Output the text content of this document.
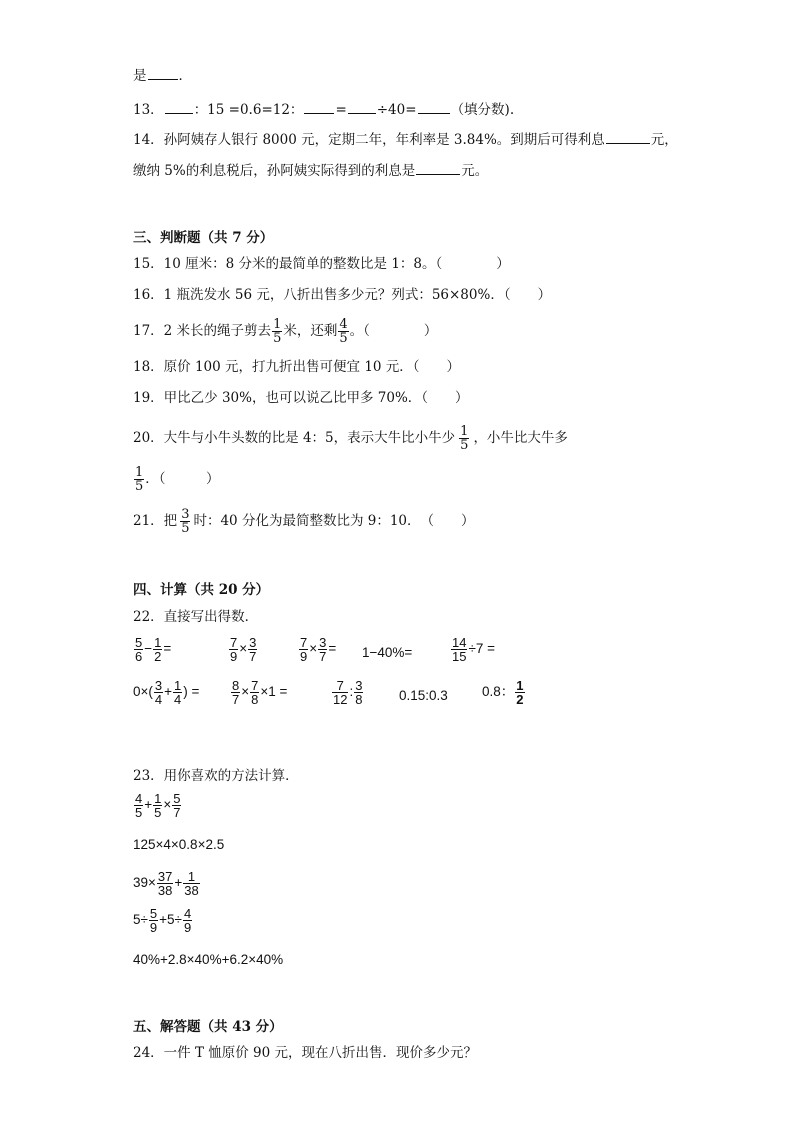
是 ．
13． ：15 =0.6=12： = ÷40=	（填分数).
14．孙阿姨存人银行 8000 元，定期二年，年利率是 3.84%。到期后可得利息	元，
缴纳 5%的利息税后，孙阿姨实际得到的利息是	元。
三、判断题（共 7 分）
15．10 厘米：8 分米的最简单的整数比是 1：8。（　　　　）
16．1 瓶洗发水 56 元，八折出售多少元？列式：56×80%．（　　）
17．2 米长的绳子剪去 $\frac{1}{5}$ 米，还剩 $\frac{4}{5}$ 。（　　　　）
18．原价 100 元，打九折出售可便宜 10 元．（　　）
19．甲比乙少 30%，也可以说乙比甲多 70%．（　　）
20．大牛与小牛头数的比是 4：5，表示大牛比小牛少 $\frac{1}{5}$ ，小牛比大牛多
$\frac{1}{5}$ ．（　　　）
21．把 $\frac{3}{5}$ 时：40 分化为最简整数比为 9：10．　（　　）
四、计算（共 20 分）
22．直接写出得数．
$\frac{5}{6} - \frac{1}{2}$ =	$\frac{7}{9} \times \frac{3}{7}$	$\frac{7}{9} \times \frac{3}{7} = 1-40\%=$	$\frac{14}{15} \div 7$ =
$0\times( \frac{3}{4} + \frac{1}{4}$ ) = $\frac{8}{7} \times \frac{7}{8} \times 1$ =	$\frac{7}{12}$ : $\frac{3}{8}$	0.15:0.3	0.8： $\frac{1}{2}$
23．用你喜欢的方法计算．
$\frac{4}{5} + \frac{1}{5} \times \frac{5}{7}$
125×4×0.8×2.5
$39\times \frac{37}{38} + \frac{1}{38}$
$5\div \frac{5}{9} +5\div \frac{4}{9}$
40%+2.8×40%+6.2×40%
五、解答题（共 43 分）
24．一件 T 恤原价 90 元，现在八折出售．现价多少元？
